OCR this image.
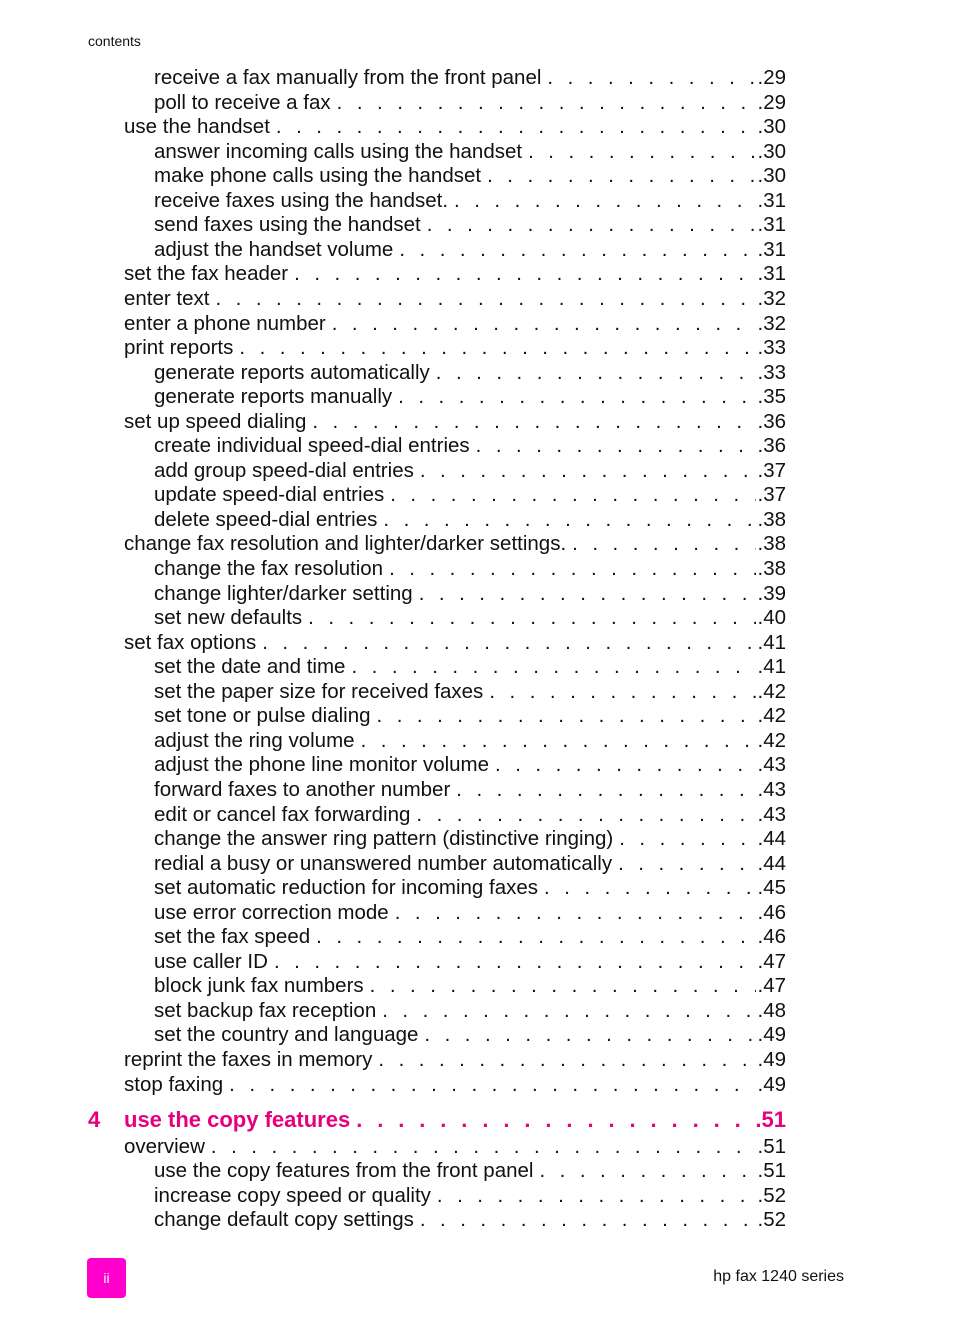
contents
receive a fax manually from the front panel . . .	.29
poll to receive a fax . . .	.29
use the handset . . .	.30
answer incoming calls using the handset . . .	.30
make phone calls using the handset . . .	.30
receive faxes using the handset. . . .	.31
send faxes using the handset . . .	.31
adjust the handset volume . . .	.31
set the fax header . . .	.31
enter text . . .	.32
enter a phone number . . .	.32
print reports . . .	.33
generate reports automatically . . .	.33
generate reports manually . . .	.35
set up speed dialing . . .	.36
create individual speed-dial entries . . .	.36
add group speed-dial entries . . .	.37
update speed-dial entries . . .	.37
delete speed-dial entries . . .	.38
change fax resolution and lighter/darker settings. . . .	.38
change the fax resolution . . .	.38
change lighter/darker setting . . .	.39
set new defaults . . .	.40
set fax options . . .	.41
set the date and time . . .	.41
set the paper size for received faxes . . .	.42
set tone or pulse dialing . . .	.42
adjust the ring volume . . .	.42
adjust the phone line monitor volume . . .	.43
forward faxes to another number . . .	.43
edit or cancel fax forwarding . . .	.43
change the answer ring pattern (distinctive ringing) . . .	.44
redial a busy or unanswered number automatically . . .	.44
set automatic reduction for incoming faxes . . .	.45
use error correction mode . . .	.46
set the fax speed . . .	.46
use caller ID . . .	.47
block junk fax numbers . . .	.47
set backup fax reception . . .	.48
set the country and language . . .	.49
reprint the faxes in memory . . .	.49
stop faxing . . .	.49
4	use the copy features . . .	.51
overview . . .	.51
use the copy features from the front panel . . .	.51
increase copy speed or quality . . .	.52
change default copy settings . . .	.52
ii	hp fax 1240 series
